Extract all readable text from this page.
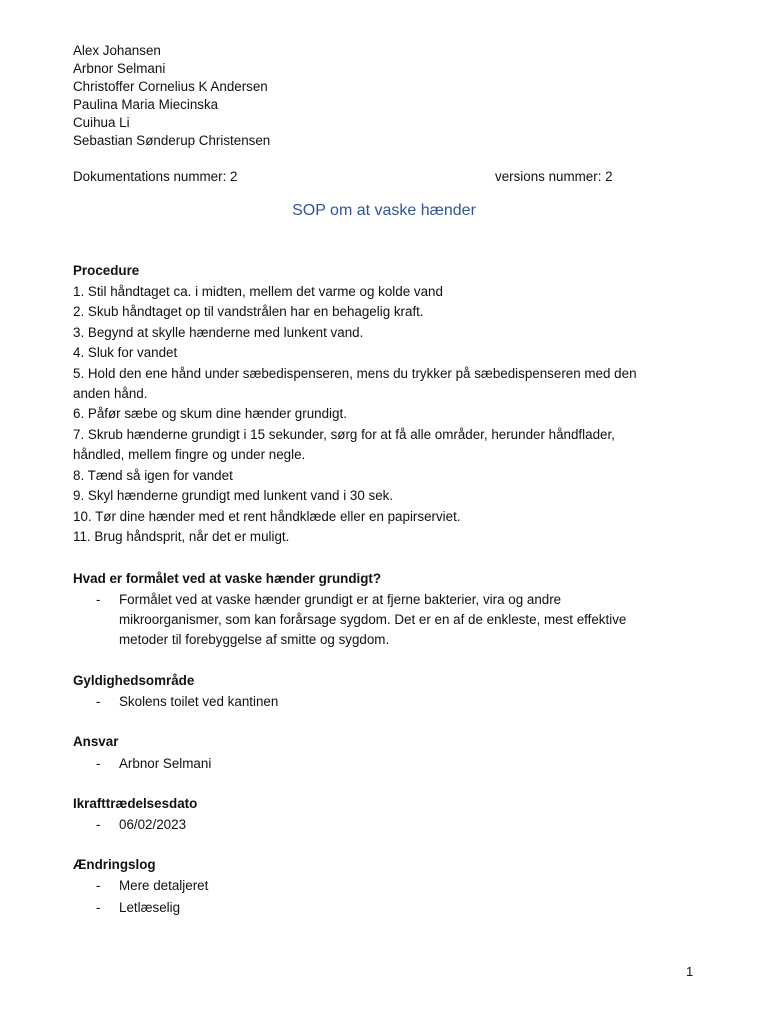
Alex Johansen
Arbnor Selmani
Christoffer Cornelius K Andersen
Paulina Maria Miecinska
Cuihua Li
Sebastian Sønderup Christensen
Dokumentations nummer: 2	versions nummer: 2
SOP om at vaske hænder
Procedure
1. Stil håndtaget ca. i midten, mellem det varme og kolde vand
2. Skub håndtaget op til vandstrålen har en behagelig kraft.
3. Begynd at skylle hænderne med lunkent vand.
4. Sluk for vandet
5. Hold den ene hånd under sæbedispenseren, mens du trykker på sæbedispenseren med den
anden hånd.
6. Påfør sæbe og skum dine hænder grundigt.
7. Skrub hænderne grundigt i 15 sekunder, sørg for at få alle områder, herunder håndflader,
håndled, mellem fingre og under negle.
8. Tænd så igen for vandet
9. Skyl hænderne grundigt med lunkent vand i 30 sek.
10. Tør dine hænder med et rent håndklæde eller en papirserviet.
11. Brug håndsprit, når det er muligt.
Hvad er formålet ved at vaske hænder grundigt?
- Formålet ved at vaske hænder grundigt er at fjerne bakterier, vira og andre
mikroorganismer, som kan forårsage sygdom. Det er en af de enkleste, mest effektive
metoder til forebyggelse af smitte og sygdom.
Gyldighedsområde
- Skolens toilet ved kantinen
Ansvar
- Arbnor Selmani
Ikrafttrædelsesdato
- 06/02/2023
Ændringslog
- Mere detaljeret
- Letlæselig
1
